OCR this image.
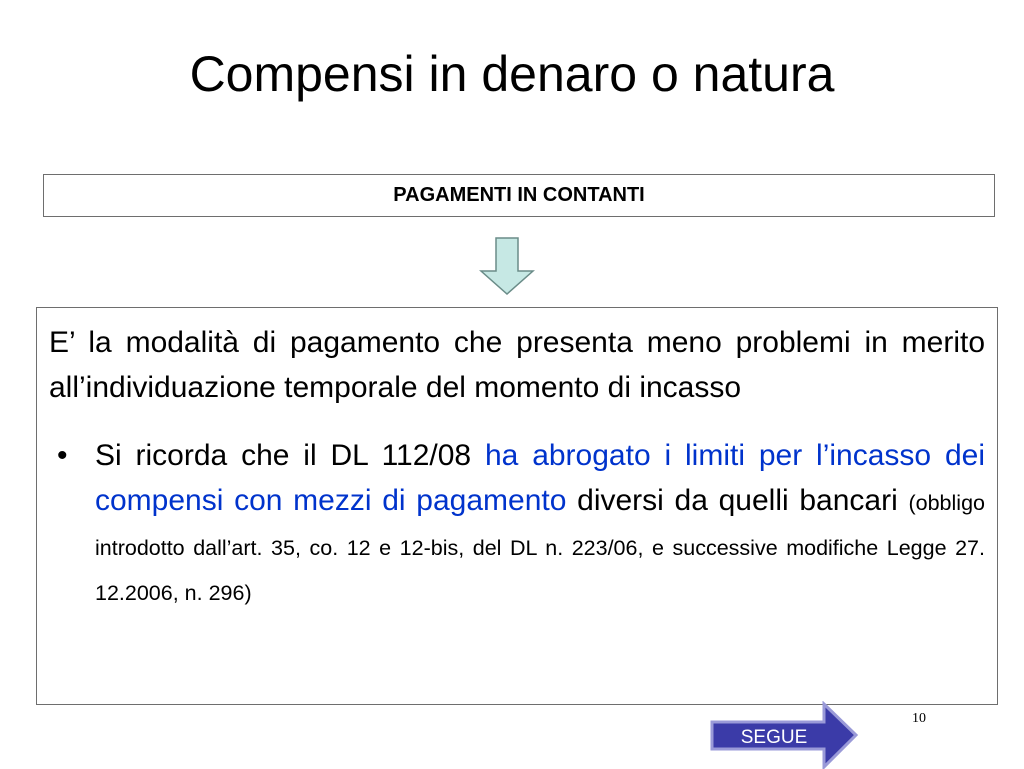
Compensi in denaro o natura
PAGAMENTI IN CONTANTI

E’ la modalità di pagamento che presenta meno problemi in merito all’individuazione temporale del momento di incasso

• Si ricorda che il DL 112/08 ha abrogato i limiti per l’incasso dei compensi con mezzi di pagamento diversi da quelli bancari (obbligo introdotto dall’art. 35, co. 12 e 12-bis, del DL n. 223/06, e successive modifiche Legge 27. 12.2006, n. 296)
10
SEGUE
